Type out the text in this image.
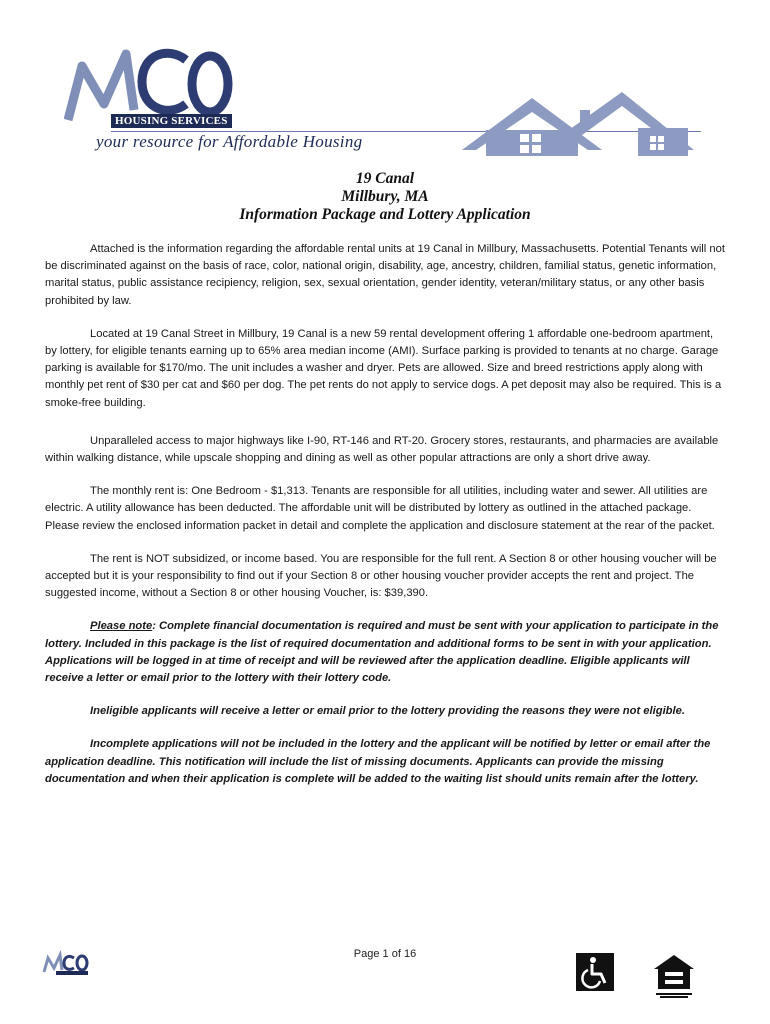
HOUSING SERVICES
your resource for Affordable Housing
19 Canal
Millbury, MA
Information Package and Lottery Application

Attached is the information regarding the affordable rental units at 19 Canal in Millbury, Massachusetts. Potential Tenants will not be discriminated against on the basis of race, color, national origin, disability, age, ancestry, children, familial status, genetic information, marital status, public assistance recipiency, religion, sex, sexual orientation, gender identity, veteran/military status, or any other basis prohibited by law.

Located at 19 Canal Street in Millbury, 19 Canal is a new 59 rental development offering 1 affordable one-bedroom apartment, by lottery, for eligible tenants earning up to 65% area median income (AMI). Surface parking is provided to tenants at no charge. Garage parking is available for $170/mo. The unit includes a washer and dryer. Pets are allowed. Size and breed restrictions apply along with monthly pet rent of $30 per cat and $60 per dog. The pet rents do not apply to service dogs. A pet deposit may also be required. This is a smoke-free building.

Unparalleled access to major highways like I-90, RT-146 and RT-20. Grocery stores, restaurants, and pharmacies are available within walking distance, while upscale shopping and dining as well as other popular attractions are only a short drive away.

The monthly rent is: One Bedroom - $1,313. Tenants are responsible for all utilities, including water and sewer. All utilities are electric. A utility allowance has been deducted. The affordable unit will be distributed by lottery as outlined in the attached package. Please review the enclosed information packet in detail and complete the application and disclosure statement at the rear of the packet.

The rent is NOT subsidized, or income based. You are responsible for the full rent. A Section 8 or other housing voucher will be accepted but it is your responsibility to find out if your Section 8 or other housing voucher provider accepts the rent and project. The suggested income, without a Section 8 or other housing Voucher, is: $39,390.

Please note: Complete financial documentation is required and must be sent with your application to participate in the lottery. Included in this package is the list of required documentation and additional forms to be sent in with your application. Applications will be logged in at time of receipt and will be reviewed after the application deadline. Eligible applicants will receive a letter or email prior to the lottery with their lottery code.

Ineligible applicants will receive a letter or email prior to the lottery providing the reasons they were not eligible.

Incomplete applications will not be included in the lottery and the applicant will be notified by letter or email after the application deadline. This notification will include the list of missing documents. Applicants can provide the missing documentation and when their application is complete will be added to the waiting list should units remain after the lottery.

Page 1 of 16
